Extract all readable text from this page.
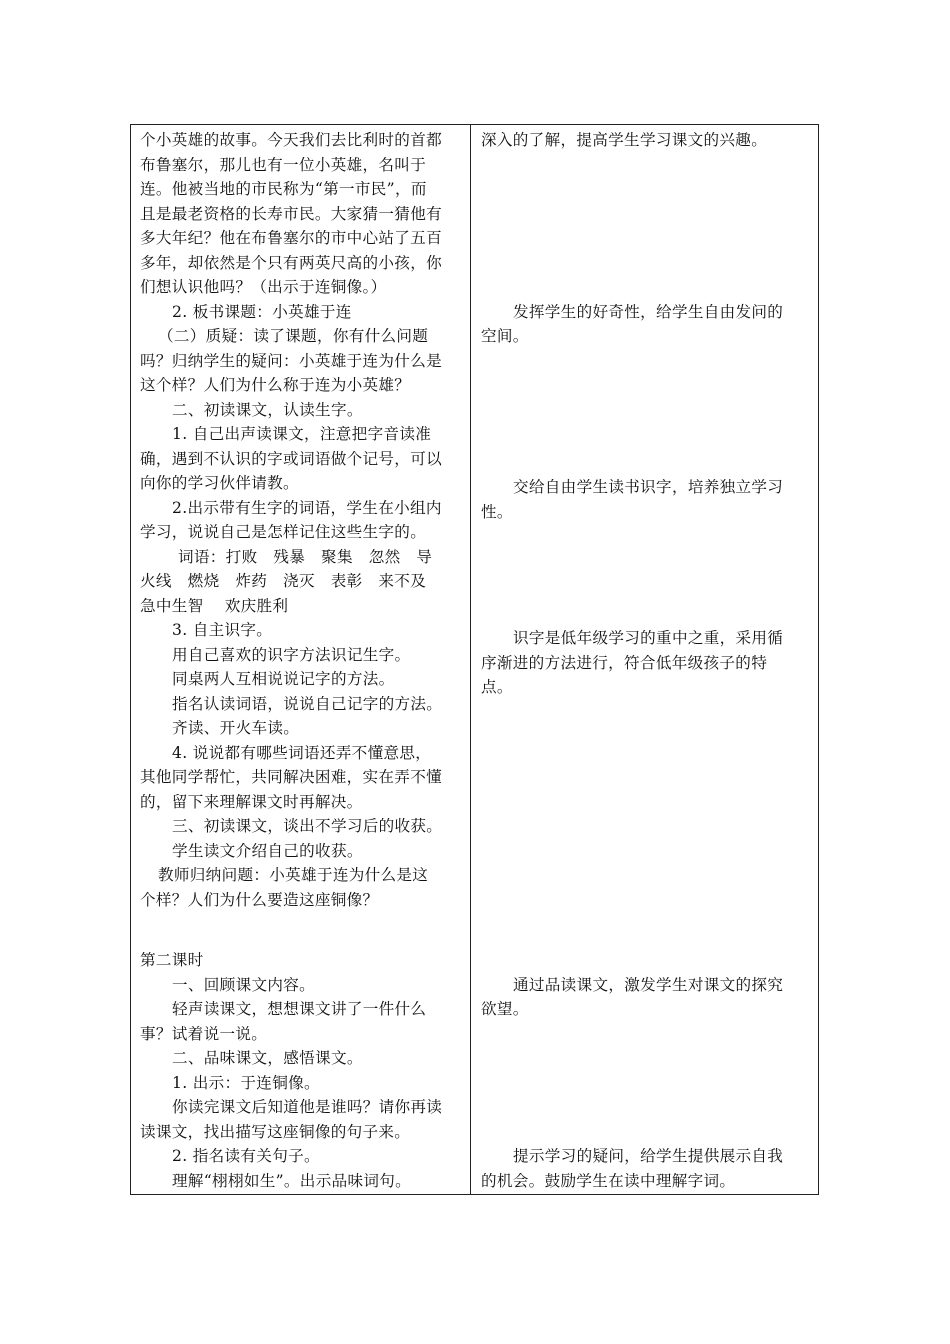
个小英雄的故事。今天我们去比利时的首都
布鲁塞尔，那儿也有一位小英雄，名叫于
连。他被当地的市民称为“第一市民”，而
且是最老资格的长寿市民。大家猜一猜他有
多大年纪？他在布鲁塞尔的市中心站了五百
多年，却依然是个只有两英尺高的小孩，你
们想认识他吗？（出示于连铜像。）
2. 板书课题：小英雄于连
（二）质疑：读了课题，你有什么问题
吗？归纳学生的疑问：小英雄于连为什么是
这个样？人们为什么称于连为小英雄？
二、初读课文，认读生字。
1. 自己出声读课文，注意把字音读准
确，遇到不认识的字或词语做个记号，可以
向你的学习伙伴请教。
2.出示带有生字的词语，学生在小组内
学习，说说自己是怎样记住这些生字的。
词语：打败　残暴　聚集　忽然　导
火线　燃烧　炸药　浇灭　表彰　来不及
急中生智　 欢庆胜利
3. 自主识字。
用自己喜欢的识字方法识记生字。
同桌两人互相说说记字的方法。
指名认读词语，说说自己记字的方法。
齐读、开火车读。
4. 说说都有哪些词语还弄不懂意思，
其他同学帮忙，共同解决困难，实在弄不懂
的，留下来理解课文时再解决。
三、初读课文，谈出不学习后的收获。
学生读文介绍自己的收获。
教师归纳问题：小英雄于连为什么是这
个样？人们为什么要造这座铜像？
第二课时
一、回顾课文内容。
轻声读课文，想想课文讲了一件什么
事？试着说一说。
二、品味课文，感悟课文。
1. 出示：于连铜像。
你读完课文后知道他是谁吗？请你再读
读课文，找出描写这座铜像的句子来。
2. 指名读有关句子。
理解“栩栩如生”。出示品味词句。
深入的了解，提高学生学习课文的兴趣。
发挥学生的好奇性，给学生自由发问的
空间。
交给自由学生读书识字，培养独立学习
性。
识字是低年级学习的重中之重，采用循
序渐进的方法进行，符合低年级孩子的特
点。
通过品读课文，激发学生对课文的探究
欲望。
提示学习的疑问，给学生提供展示自我
的机会。鼓励学生在读中理解字词。
